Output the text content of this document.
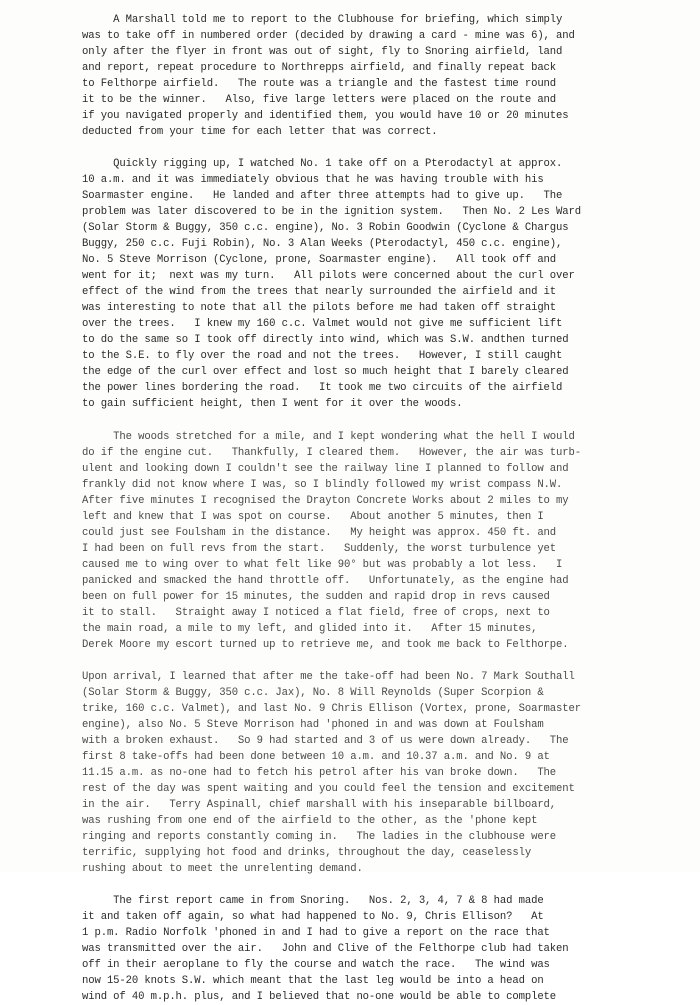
A Marshall told me to report to the Clubhouse for briefing, which simply
was to take off in numbered order (decided by drawing a card - mine was 6), and
only after the flyer in front was out of sight, fly to Snoring airfield, land
and report, repeat procedure to Northrepps airfield, and finally repeat back
to Felthorpe airfield.   The route was a triangle and the fastest time round
it to be the winner.   Also, five large letters were placed on the route and
if you navigated properly and identified them, you would have 10 or 20 minutes
deducted from your time for each letter that was correct.
Quickly rigging up, I watched No. 1 take off on a Pterodactyl at approx.
10 a.m. and it was immediately obvious that he was having trouble with his
Soarmaster engine.   He landed and after three attempts had to give up.   The
problem was later discovered to be in the ignition system.   Then No. 2 Les Ward
(Solar Storm & Buggy, 350 c.c. engine), No. 3 Robin Goodwin (Cyclone & Chargus
Buggy, 250 c.c. Fuji Robin), No. 3 Alan Weeks (Pterodactyl, 450 c.c. engine),
No. 5 Steve Morrison (Cyclone, prone, Soarmaster engine).   All took off and
went for it;  next was my turn.   All pilots were concerned about the curl over
effect of the wind from the trees that nearly surrounded the airfield and it
was interesting to note that all the pilots before me had taken off straight
over the trees.   I knew my 160 c.c. Valmet would not give me sufficient lift
to do the same so I took off directly into wind, which was S.W. andthen turned
to the S.E. to fly over the road and not the trees.   However, I still caught
the edge of the curl over effect and lost so much height that I barely cleared
the power lines bordering the road.   It took me two circuits of the airfield
to gain sufficient height, then I went for it over the woods.
The woods stretched for a mile, and I kept wondering what the hell I would
do if the engine cut.   Thankfully, I cleared them.   However, the air was turb-
ulent and looking down I couldn't see the railway line I planned to follow and
frankly did not know where I was, so I blindly followed my wrist compass N.W.
After five minutes I recognised the Drayton Concrete Works about 2 miles to my
left and knew that I was spot on course.   About another 5 minutes, then I
could just see Foulsham in the distance.   My height was approx. 450 ft. and
I had been on full revs from the start.   Suddenly, the worst turbulence yet
caused me to wing over to what felt like 90° but was probably a lot less.   I
panicked and smacked the hand throttle off.   Unfortunately, as the engine had
been on full power for 15 minutes, the sudden and rapid drop in revs caused
it to stall.   Straight away I noticed a flat field, free of crops, next to
the main road, a mile to my left, and glided into it.   After 15 minutes,
Derek Moore my escort turned up to retrieve me, and took me back to Felthorpe.
Upon arrival, I learned that after me the take-off had been No. 7 Mark Southall
(Solar Storm & Buggy, 350 c.c. Jax), No. 8 Will Reynolds (Super Scorpion &
trike, 160 c.c. Valmet), and last No. 9 Chris Ellison (Vortex, prone, Soarmaster
engine), also No. 5 Steve Morrison had 'phoned in and was down at Foulsham
with a broken exhaust.   So 9 had started and 3 of us were down already.   The
first 8 take-offs had been done between 10 a.m. and 10.37 a.m. and No. 9 at
11.15 a.m. as no-one had to fetch his petrol after his van broke down.   The
rest of the day was spent waiting and you could feel the tension and excitement
in the air.   Terry Aspinall, chief marshall with his inseparable billboard,
was rushing from one end of the airfield to the other, as the 'phone kept
ringing and reports constantly coming in.   The ladies in the clubhouse were
terrific, supplying hot food and drinks, throughout the day, ceaselessly
rushing about to meet the unrelenting demand.
The first report came in from Snoring.   Nos. 2, 3, 4, 7 & 8 had made
it and taken off again, so what had happened to No. 9, Chris Ellison?   At
1 p.m. Radio Norfolk 'phoned in and I had to give a report on the race that
was transmitted over the air.   John and Clive of the Felthorpe club had taken
off in their aeroplane to fly the course and watch the race.   The wind was
now 15-20 knots S.W. which meant that the last leg would be into a head on
wind of 40 m.p.h. plus, and I believed that no-one would be able to complete
